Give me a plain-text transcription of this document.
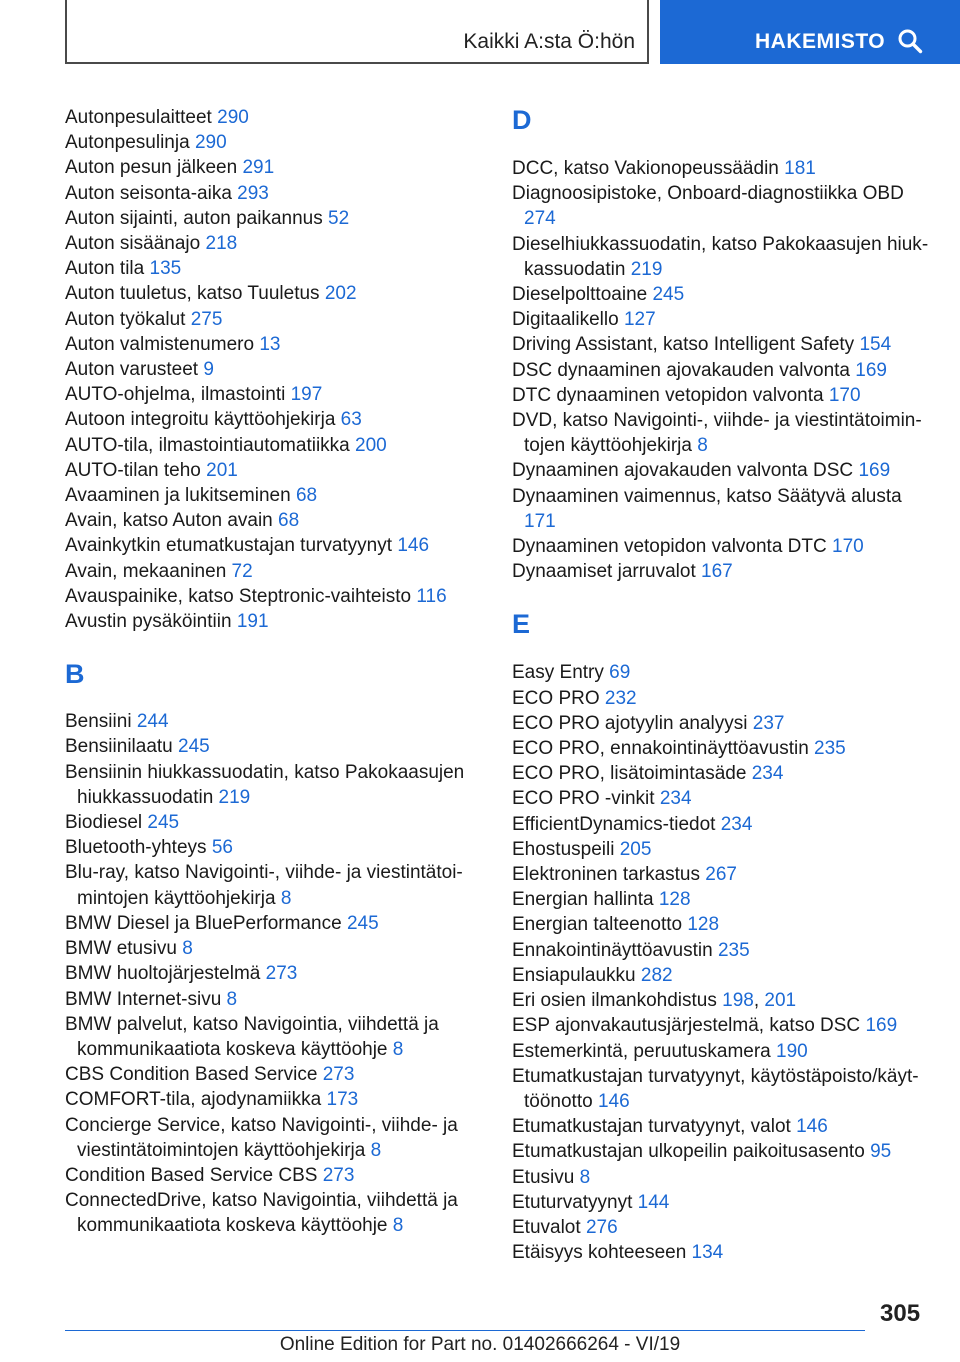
Kaikki A:sta Ö:hön	HAKEMISTO
Autonpesulaitteet 290
Autonpesulinja 290
Auton pesun jälkeen 291
Auton seisonta-aika 293
Auton sijainti, auton paikannus 52
Auton sisäänajo 218
Auton tila 135
Auton tuuletus, katso Tuuletus 202
Auton työkalut 275
Auton valmistenumero 13
Auton varusteet 9
AUTO-ohjelma, ilmastointi 197
Autoon integroitu käyttöohjekirja 63
AUTO-tila, ilmastointiautomatiikka 200
AUTO-tilan teho 201
Avaaminen ja lukitseminen 68
Avain, katso Auton avain 68
Avainkytkin etumatkustajan turvatyynyt 146
Avain, mekaaninen 72
Avauspainike, katso Steptronic-vaihteisto 116
Avustin pysäköintiin 191
B
Bensiini 244
Bensiinilaatu 245
Bensiinin hiukkassuodatin, katso Pakokaasujen hiukkassuodatin 219
Biodiesel 245
Bluetooth-yhteys 56
Blu-ray, katso Navigointi-, viihde- ja viestintätoimintojen käyttöohjekirja 8
BMW Diesel ja BluePerformance 245
BMW etusivu 8
BMW huoltojärjestelmä 273
BMW Internet-sivu 8
BMW palvelut, katso Navigointia, viihdettä ja kommunikaatiota koskeva käyttöohje 8
CBS Condition Based Service 273
COMFORT-tila, ajodynamiikka 173
Concierge Service, katso Navigointi-, viihde- ja viestintätoimintojen käyttöohjekirja 8
Condition Based Service CBS 273
ConnectedDrive, katso Navigointia, viihdettä ja kommunikaatiota koskeva käyttöohje 8
D
DCC, katso Vakionopeussäädin 181
Diagnoosipistoke, Onboard-diagnostiikka OBD 274
Dieselhiukkassuodatin, katso Pakokaasujen hiukkassuodatin 219
Dieselpolttoaine 245
Digitaalikello 127
Driving Assistant, katso Intelligent Safety 154
DSC dynaaminen ajovakauden valvonta 169
DTC dynaaminen vetopidon valvonta 170
DVD, katso Navigointi-, viihde- ja viestintätoimintojen käyttöohjekirja 8
Dynaaminen ajovakauden valvonta DSC 169
Dynaaminen vaimennus, katso Säätyvä alusta 171
Dynaaminen vetopidon valvonta DTC 170
Dynaamiset jarruvalot 167
E
Easy Entry 69
ECO PRO 232
ECO PRO ajotyylin analyysi 237
ECO PRO, ennakointinäyttöavustin 235
ECO PRO, lisätoimintasäde 234
ECO PRO -vinkit 234
EfficientDynamics-tiedot 234
Ehostuspeili 205
Elektroninen tarkastus 267
Energian hallinta 128
Energian talteenotto 128
Ennakointinäyttöavustin 235
Ensiapulaukku 282
Eri osien ilmankohdistus 198, 201
ESP ajonvakautusjärjestelmä, katso DSC 169
Estemerkintä, peruutuskamera 190
Etumatkustajan turvatyynyt, käytöstäpoisto/käyttöönotto 146
Etumatkustajan turvatyynyt, valot 146
Etumatkustajan ulkopeilin paikoitusasento 95
Etusivu 8
Etuturvatyynyt 144
Etuvalot 276
Etäisyys kohteeseen 134
305
Online Edition for Part no. 01402666264 - VI/19
